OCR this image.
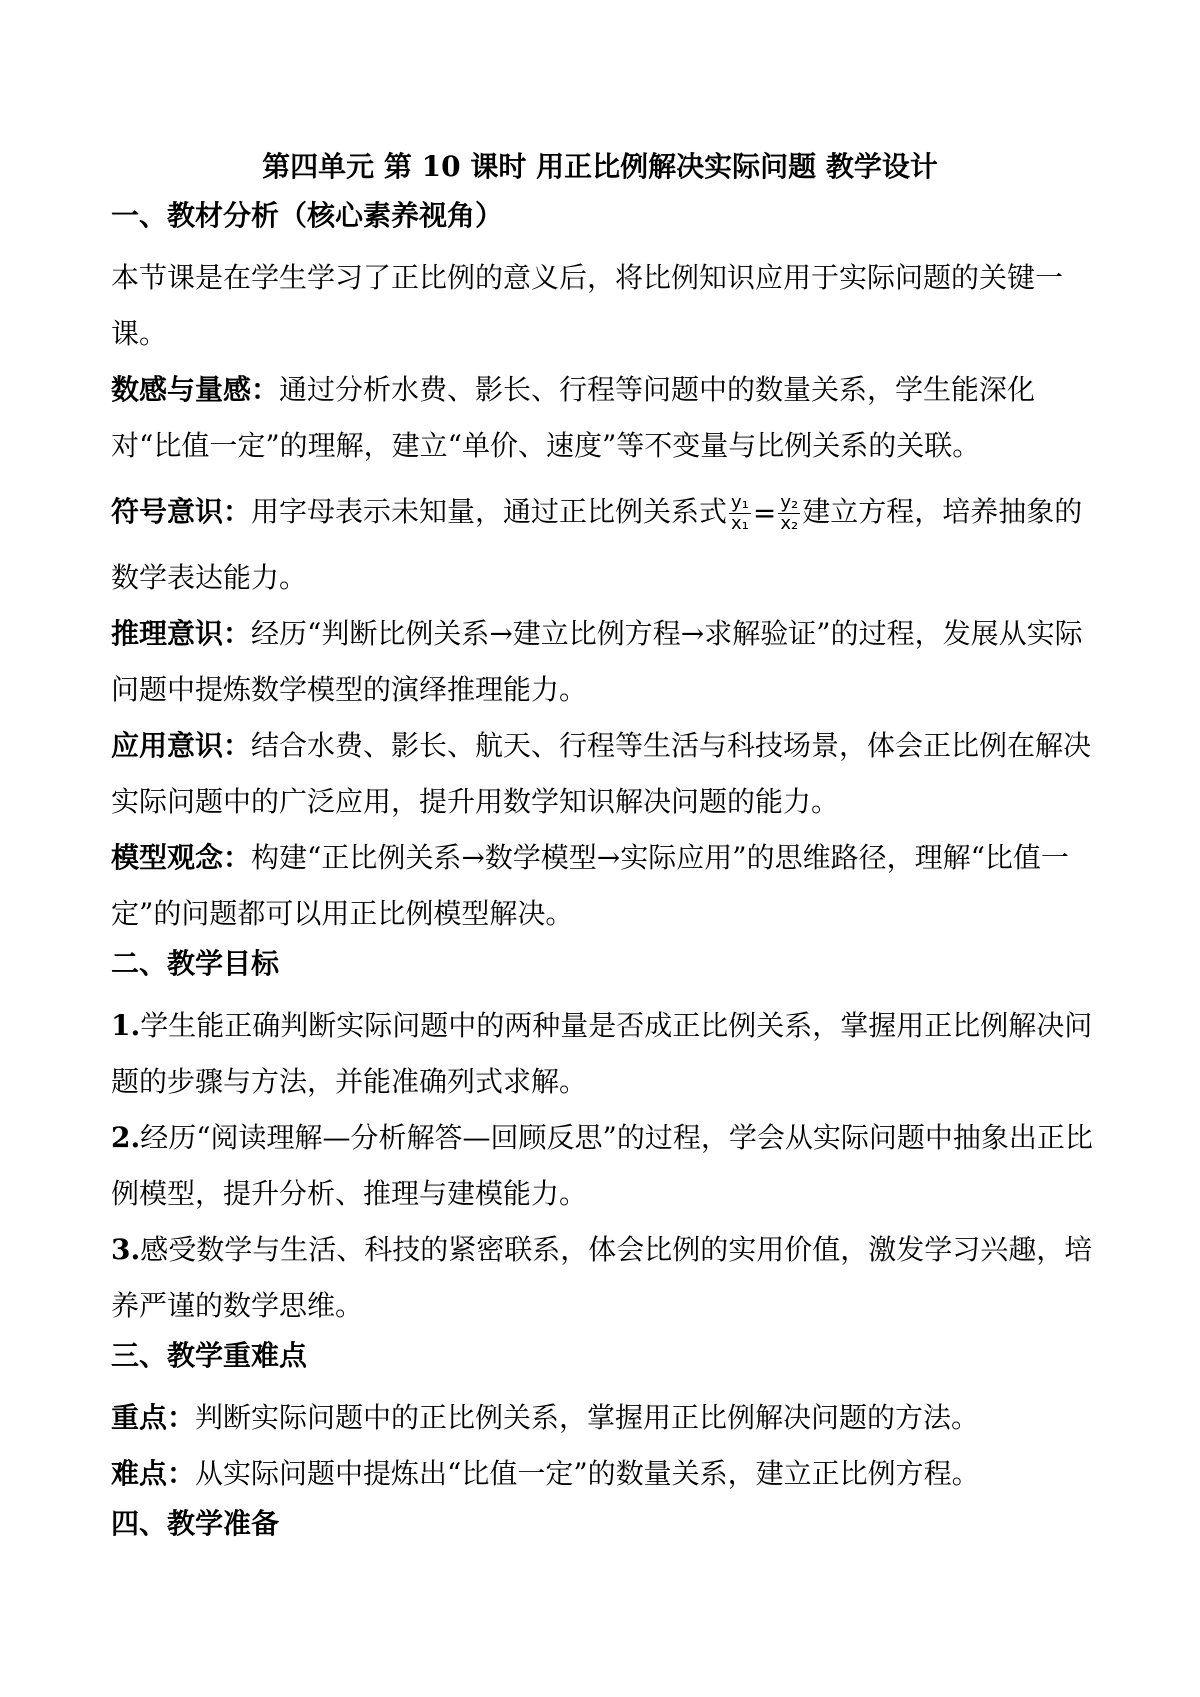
第四单元 第 10 课时 用正比例解决实际问题 教学设计
一、教材分析（核心素养视角）

本节课是在学生学习了正比例的意义后，将比例知识应用于实际问题的关键一课。

数感与量感：通过分析水费、影长、行程等问题中的数量关系，学生能深化对“比值一定”的理解，建立“单价、速度”等不变量与比例关系的关联。

符号意识：用字母表示未知量，通过正比例关系式 $\frac{\text{y₁}}{\text{x₁}} = \frac{\text{y₂}}{\text{x₂}}$ 建立方程，培养抽象的数学表达能力。

推理意识：经历“判断比例关系→建立比例方程→求解验证”的过程，发展从实际问题中提炼数学模型的演绎推理能力。

应用意识：结合水费、影长、航天、行程等生活与科技场景，体会正比例在解决实际问题中的广泛应用，提升用数学知识解决问题的能力。

模型观念：构建“正比例关系→数学模型→实际应用”的思维路径，理解“比值一定”的问题都可以用正比例模型解决。

二、教学目标

1.学生能正确判断实际问题中的两种量是否成正比例关系，掌握用正比例解决问题的步骤与方法，并能准确列式求解。

2.经历“阅读理解—分析解答—回顾反思”的过程，学会从实际问题中抽象出正比例模型，提升分析、推理与建模能力。

3.感受数学与生活、科技的紧密联系，体会比例的实用价值，激发学习兴趣，培养严谨的数学思维。

三、教学重难点

重点：判断实际问题中的正比例关系，掌握用正比例解决问题的方法。

难点：从实际问题中提炼出“比值一定”的数量关系，建立正比例方程。

四、教学准备
